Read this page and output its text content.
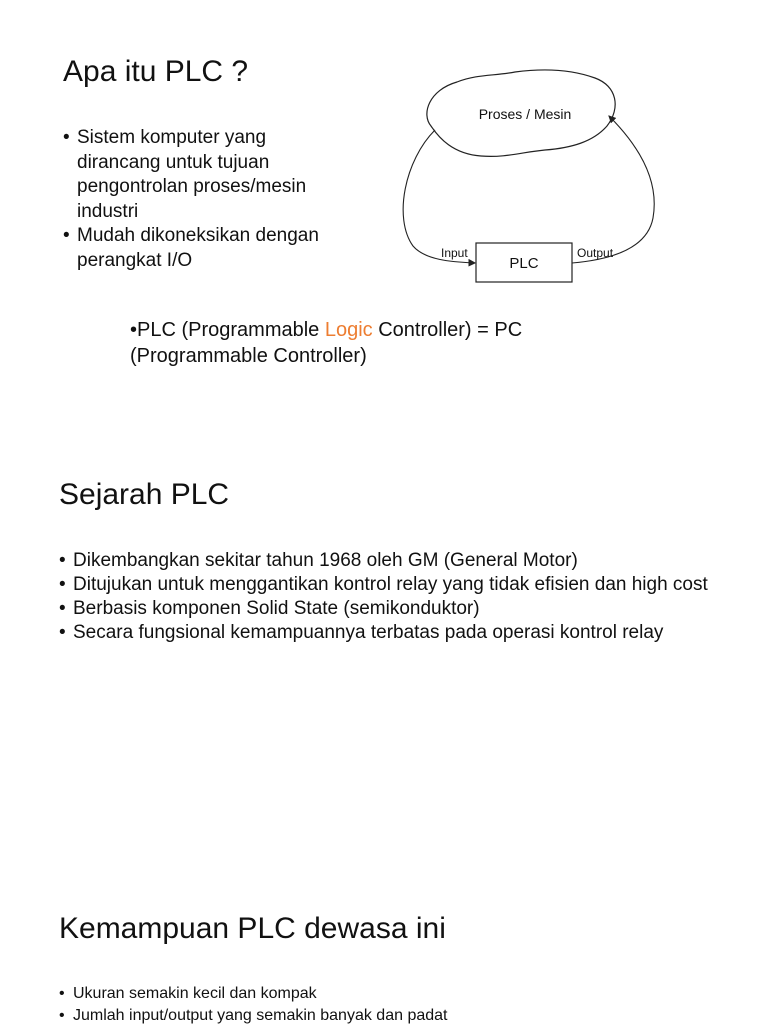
Apa itu PLC ?
• Sistem komputer yang dirancang untuk tujuan pengontrolan proses/mesin industri
• Mudah dikoneksikan dengan perangkat I/O
Proses / Mesin
PLC
Input	Output
•PLC (Programmable Logic Controller) = PC (Programmable Controller)
Sejarah PLC
• Dikembangkan sekitar tahun 1968 oleh GM (General Motor)
• Ditujukan untuk menggantikan kontrol relay yang tidak efisien dan high cost
• Berbasis komponen Solid State (semikonduktor)
• Secara fungsional kemampuannya terbatas pada operasi kontrol relay
Kemampuan PLC dewasa ini
• Ukuran semakin kecil dan kompak
• Jumlah input/output yang semakin banyak dan padat
